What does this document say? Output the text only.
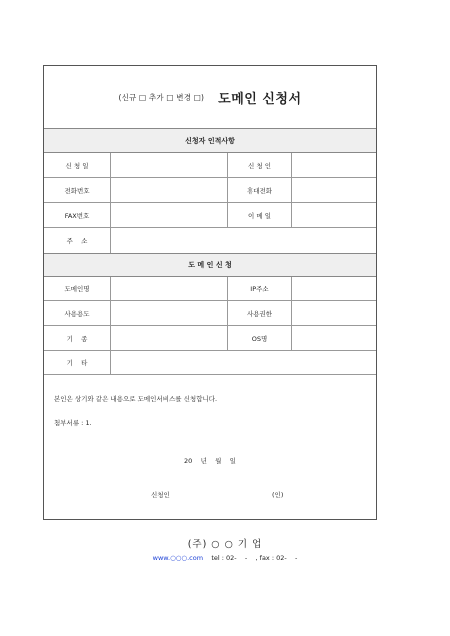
(신규 □ 추가 □ 변경 □) 도메인 신청서
신청자 인적사항
신 청 일	신 청 인
전화번호	휴대전화
FAX번호	이 메 일
주    소
도 메 인 신 청
도메인명	IP주소
사용용도	사용권한
기    종	OS명
기    타
본인은 상기와 같은 내용으로 도메인서비스를 신청합니다.
첨부서류 : 1.
20    년    월    일
신청인	(인)
(주) ○ ○ 기 업
www.○○○.com tel : 02-    -    , fax : 02-    -
